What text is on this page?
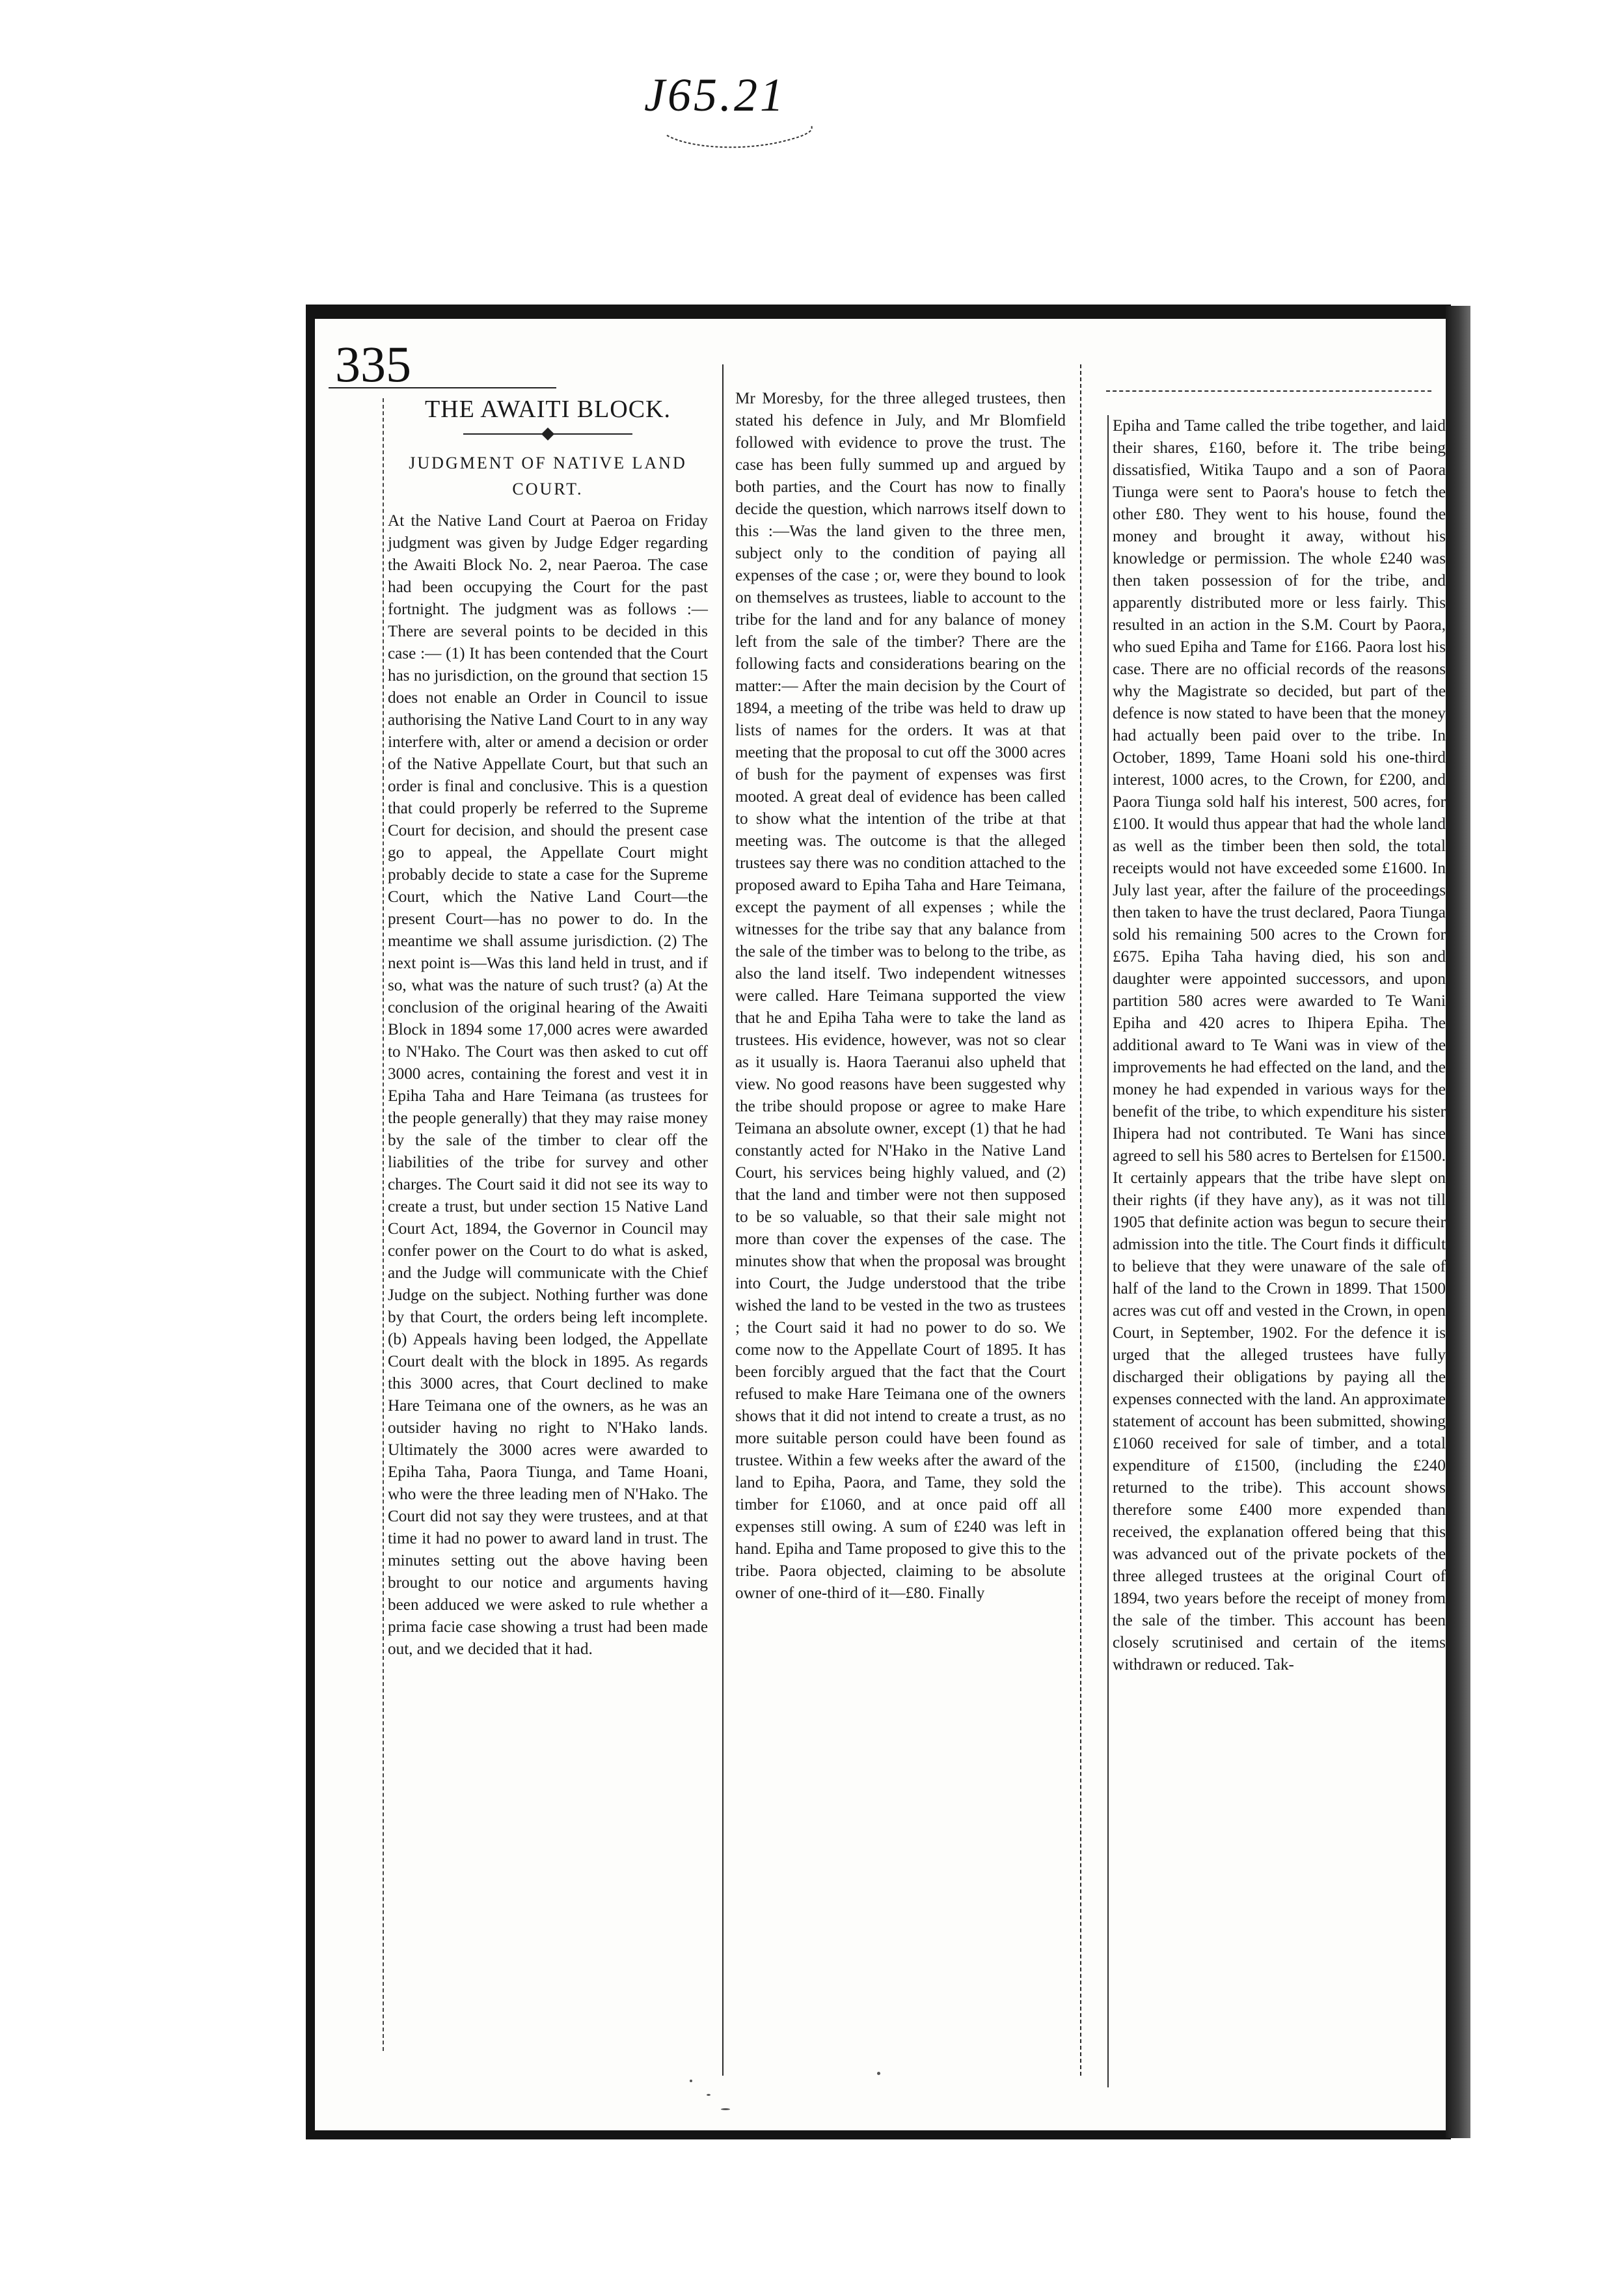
J65.21
335
THE AWAITI BLOCK.
JUDGMENT OF NATIVE LAND COURT.

At the Native Land Court at Paeroa on Friday judgment was given by Judge Edger regarding the Awaiti Block No. 2, near Paeroa. The case had been occupying the Court for the past fortnight. The judgment was as follows :— There are several points to be decided in this case :— (1) It has been contended that the Court has no jurisdiction, on the ground that section 15 does not enable an Order in Council to issue authorising the Native Land Court to in any way interfere with, alter or amend a decision or order of the Native Appellate Court, but that such an order is final and conclusive. This is a question that could properly be referred to the Supreme Court for decision, and should the present case go to appeal, the Appellate Court might probably decide to state a case for the Supreme Court, which the Native Land Court—the present Court—has no power to do. In the meantime we shall assume jurisdiction. (2) The next point is—Was this land held in trust, and if so, what was the nature of such trust? (a) At the conclusion of the original hearing of the Awaiti Block in 1894 some 17,000 acres were awarded to N'Hako. The Court was then asked to cut off 3000 acres, containing the forest and vest it in Epiha Taha and Hare Teimana (as trustees for the people generally) that they may raise money by the sale of the timber to clear off the liabilities of the tribe for survey and other charges. The Court said it did not see its way to create a trust, but under section 15 Native Land Court Act, 1894, the Governor in Council may confer power on the Court to do what is asked, and the Judge will communicate with the Chief Judge on the subject. Nothing further was done by that Court, the orders being left incomplete. (b) Appeals having been lodged, the Appellate Court dealt with the block in 1895. As regards this 3000 acres, that Court declined to make Hare Teimana one of the owners, as he was an outsider having no right to N'Hako lands. Ultimately the 3000 acres were awarded to Epiha Taha, Paora Tiunga, and Tame Hoani, who were the three leading men of N'Hako. The Court did not say they were trustees, and at that time it had no power to award land in trust. The minutes setting out the above having been brought to our notice and arguments having been adduced we were asked to rule whether a prima facie case showing a trust had been made out, and we decided that it had.

Mr Moresby, for the three alleged trustees, then stated his defence in July, and Mr Blomfield followed with evidence to prove the trust. The case has been fully summed up and argued by both parties, and the Court has now to finally decide the question, which narrows itself down to this :—Was the land given to the three men, subject only to the condition of paying all expenses of the case ; or, were they bound to look on themselves as trustees, liable to account to the tribe for the land and for any balance of money left from the sale of the timber? There are the following facts and considerations bearing on the matter:— After the main decision by the Court of 1894, a meeting of the tribe was held to draw up lists of names for the orders. It was at that meeting that the proposal to cut off the 3000 acres of bush for the payment of expenses was first mooted. A great deal of evidence has been called to show what the intention of the tribe at that meeting was. The outcome is that the alleged trustees say there was no condition attached to the proposed award to Epiha Taha and Hare Teimana, except the payment of all expenses ; while the witnesses for the tribe say that any balance from the sale of the timber was to belong to the tribe, as also the land itself. Two independent witnesses were called. Hare Teimana supported the view that he and Epiha Taha were to take the land as trustees. His evidence, however, was not so clear as it usually is. Haora Taeranui also upheld that view. No good reasons have been suggested why the tribe should propose or agree to make Hare Teimana an absolute owner, except (1) that he had constantly acted for N'Hako in the Native Land Court, his services being highly valued, and (2) that the land and timber were not then supposed to be so valuable, so that their sale might not more than cover the expenses of the case. The minutes show that when the proposal was brought into Court, the Judge understood that the tribe wished the land to be vested in the two as trustees ; the Court said it had no power to do so. We come now to the Appellate Court of 1895. It has been forcibly argued that the fact that the Court refused to make Hare Teimana one of the owners shows that it did not intend to create a trust, as no more suitable person could have been found as trustee. Within a few weeks after the award of the land to Epiha, Paora, and Tame, they sold the timber for £1060, and at once paid off all expenses still owing. A sum of £240 was left in hand. Epiha and Tame proposed to give this to the tribe. Paora objected, claiming to be absolute owner of one-third of it—£80. Finally

Epiha and Tame called the tribe together, and laid their shares, £160, before it. The tribe being dissatisfied, Witika Taupo and a son of Paora Tiunga were sent to Paora's house to fetch the other £80. They went to his house, found the money and brought it away, without his knowledge or permission. The whole £240 was then taken possession of for the tribe, and apparently distributed more or less fairly. This resulted in an action in the S.M. Court by Paora, who sued Epiha and Tame for £166. Paora lost his case. There are no official records of the reasons why the Magistrate so decided, but part of the defence is now stated to have been that the money had actually been paid over to the tribe. In October, 1899, Tame Hoani sold his one-third interest, 1000 acres, to the Crown, for £200, and Paora Tiunga sold half his interest, 500 acres, for £100. It would thus appear that had the whole land as well as the timber been then sold, the total receipts would not have exceeded some £1600. In July last year, after the failure of the proceedings then taken to have the trust declared, Paora Tiunga sold his remaining 500 acres to the Crown for £675. Epiha Taha having died, his son and daughter were appointed successors, and upon partition 580 acres were awarded to Te Wani Epiha and 420 acres to Ihipera Epiha. The additional award to Te Wani was in view of the improvements he had effected on the land, and the money he had expended in various ways for the benefit of the tribe, to which expenditure his sister Ihipera had not contributed. Te Wani has since agreed to sell his 580 acres to Bertelsen for £1500. It certainly appears that the tribe have slept on their rights (if they have any), as it was not till 1905 that definite action was begun to secure their admission into the title. The Court finds it difficult to believe that they were unaware of the sale of half of the land to the Crown in 1899. That 1500 acres was cut off and vested in the Crown, in open Court, in September, 1902. For the defence it is urged that the alleged trustees have fully discharged their obligations by paying all the expenses connected with the land. An approximate statement of account has been submitted, showing £1060 received for sale of timber, and a total expenditure of £1500, (including the £240 returned to the tribe). This account shows therefore some £400 more expended than received, the explanation offered being that this was advanced out of the private pockets of the three alleged trustees at the original Court of 1894, two years before the receipt of money from the sale of the timber. This account has been closely scrutinised and certain of the items withdrawn or reduced. Tak-
